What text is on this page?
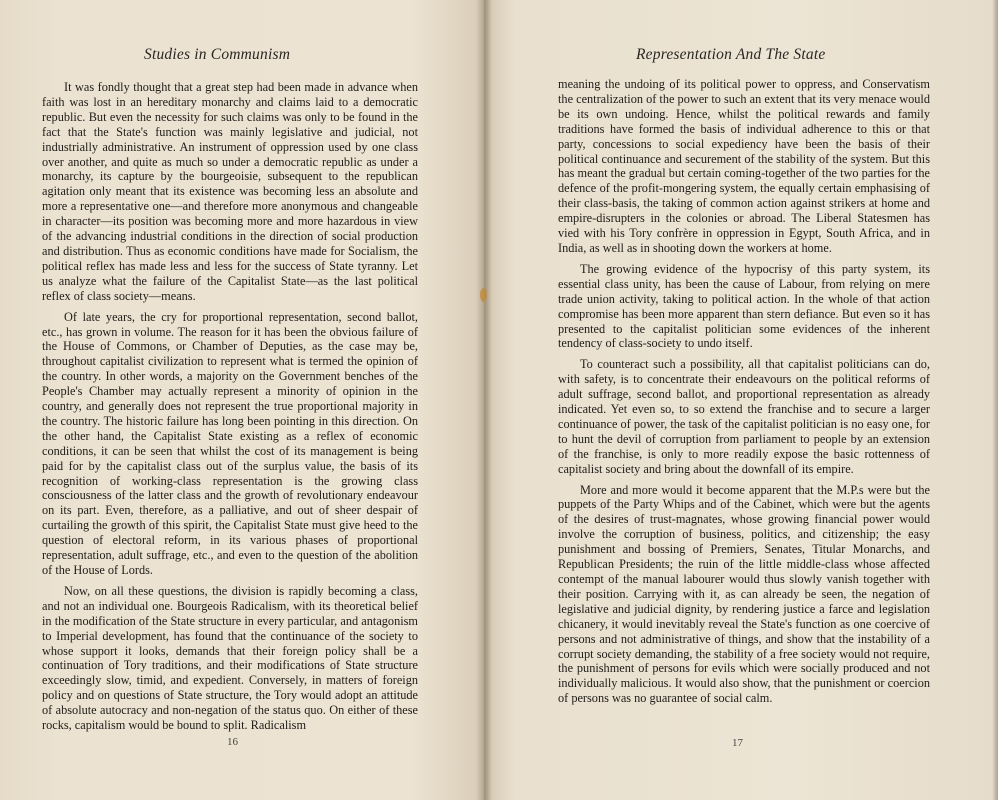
Studies in Communism

It was fondly thought that a great step had been made in advance when faith was lost in an hereditary monarchy and claims laid to a democratic republic. But even the necessity for such claims was only to be found in the fact that the State's function was mainly legislative and judicial, not industrially administrative. An instrument of oppression used by one class over another, and quite as much so under a democratic republic as under a monarchy, its capture by the bourgeoisie, subsequent to the republican agitation only meant that its existence was becoming less an absolute and more a representative one—and therefore more anonymous and changeable in character—its position was becoming more and more hazardous in view of the advancing industrial conditions in the direction of social production and distribution. Thus as economic conditions have made for Socialism, the political reflex has made less and less for the success of State tyranny. Let us analyze what the failure of the Capitalist State—as the last political reflex of class society—means.

Of late years, the cry for proportional representation, second ballot, etc., has grown in volume. The reason for it has been the obvious failure of the House of Commons, or Chamber of Deputies, as the case may be, throughout capitalist civilization to represent what is termed the opinion of the country. In other words, a majority on the Government benches of the People's Chamber may actually represent a minority of opinion in the country, and generally does not represent the true proportional majority in the country. The historic failure has long been pointing in this direction. On the other hand, the Capitalist State existing as a reflex of economic conditions, it can be seen that whilst the cost of its management is being paid for by the capitalist class out of the surplus value, the basis of its recognition of working-class representation is the growing class consciousness of the latter class and the growth of revolutionary endeavour on its part. Even, therefore, as a palliative, and out of sheer despair of curtailing the growth of this spirit, the Capitalist State must give heed to the question of electoral reform, in its various phases of proportional representation, adult suffrage, etc., and even to the question of the abolition of the House of Lords.

Now, on all these questions, the division is rapidly becoming a class, and not an individual one. Bourgeois Radicalism, with its theoretical belief in the modification of the State structure in every particular, and antagonism to Imperial development, has found that the continuance of the society to whose support it looks, demands that their foreign policy shall be a continuation of Tory traditions, and their modifications of State structure exceedingly slow, timid, and expedient. Conversely, in matters of foreign policy and on questions of State structure, the Tory would adopt an attitude of absolute autocracy and non-negation of the status quo. On either of these rocks, capitalism would be bound to split. Radicalism

16
Representation And The State

meaning the undoing of its political power to oppress, and Conservatism the centralization of the power to such an extent that its very menace would be its own undoing. Hence, whilst the political rewards and family traditions have formed the basis of individual adherence to this or that party, concessions to social expediency have been the basis of their political continuance and securement of the stability of the system. But this has meant the gradual but certain coming-together of the two parties for the defence of the profit-mongering system, the equally certain emphasising of their class-basis, the taking of common action against strikers at home and empire-disrupters in the colonies or abroad. The Liberal Statesmen has vied with his Tory confrère in oppression in Egypt, South Africa, and in India, as well as in shooting down the workers at home.

The growing evidence of the hypocrisy of this party system, its essential class unity, has been the cause of Labour, from relying on mere trade union activity, taking to political action. In the whole of that action compromise has been more apparent than stern defiance. But even so it has presented to the capitalist politician some evidences of the inherent tendency of class-society to undo itself.

To counteract such a possibility, all that capitalist politicians can do, with safety, is to concentrate their endeavours on the political reforms of adult suffrage, second ballot, and proportional representation as already indicated. Yet even so, to so extend the franchise and to secure a larger continuance of power, the task of the capitalist politician is no easy one, for to hunt the devil of corruption from parliament to people by an extension of the franchise, is only to more readily expose the basic rottenness of capitalist society and bring about the downfall of its empire.

More and more would it become apparent that the M.P.s were but the puppets of the Party Whips and of the Cabinet, which were but the agents of the desires of trust-magnates, whose growing financial power would involve the corruption of business, politics, and citizenship; the easy punishment and bossing of Premiers, Senates, Titular Monarchs, and Republican Presidents; the ruin of the little middle-class whose affected contempt of the manual labourer would thus slowly vanish together with their position. Carrying with it, as can already be seen, the negation of legislative and judicial dignity, by rendering justice a farce and legislation chicanery, it would inevitably reveal the State's function as one coercive of persons and not administrative of things, and show that the instability of a corrupt society demanding, the stability of a free society would not require, the punishment of persons for evils which were socially produced and not individually malicious. It would also show, that the punishment or coercion of persons was no guarantee of social calm.

17
